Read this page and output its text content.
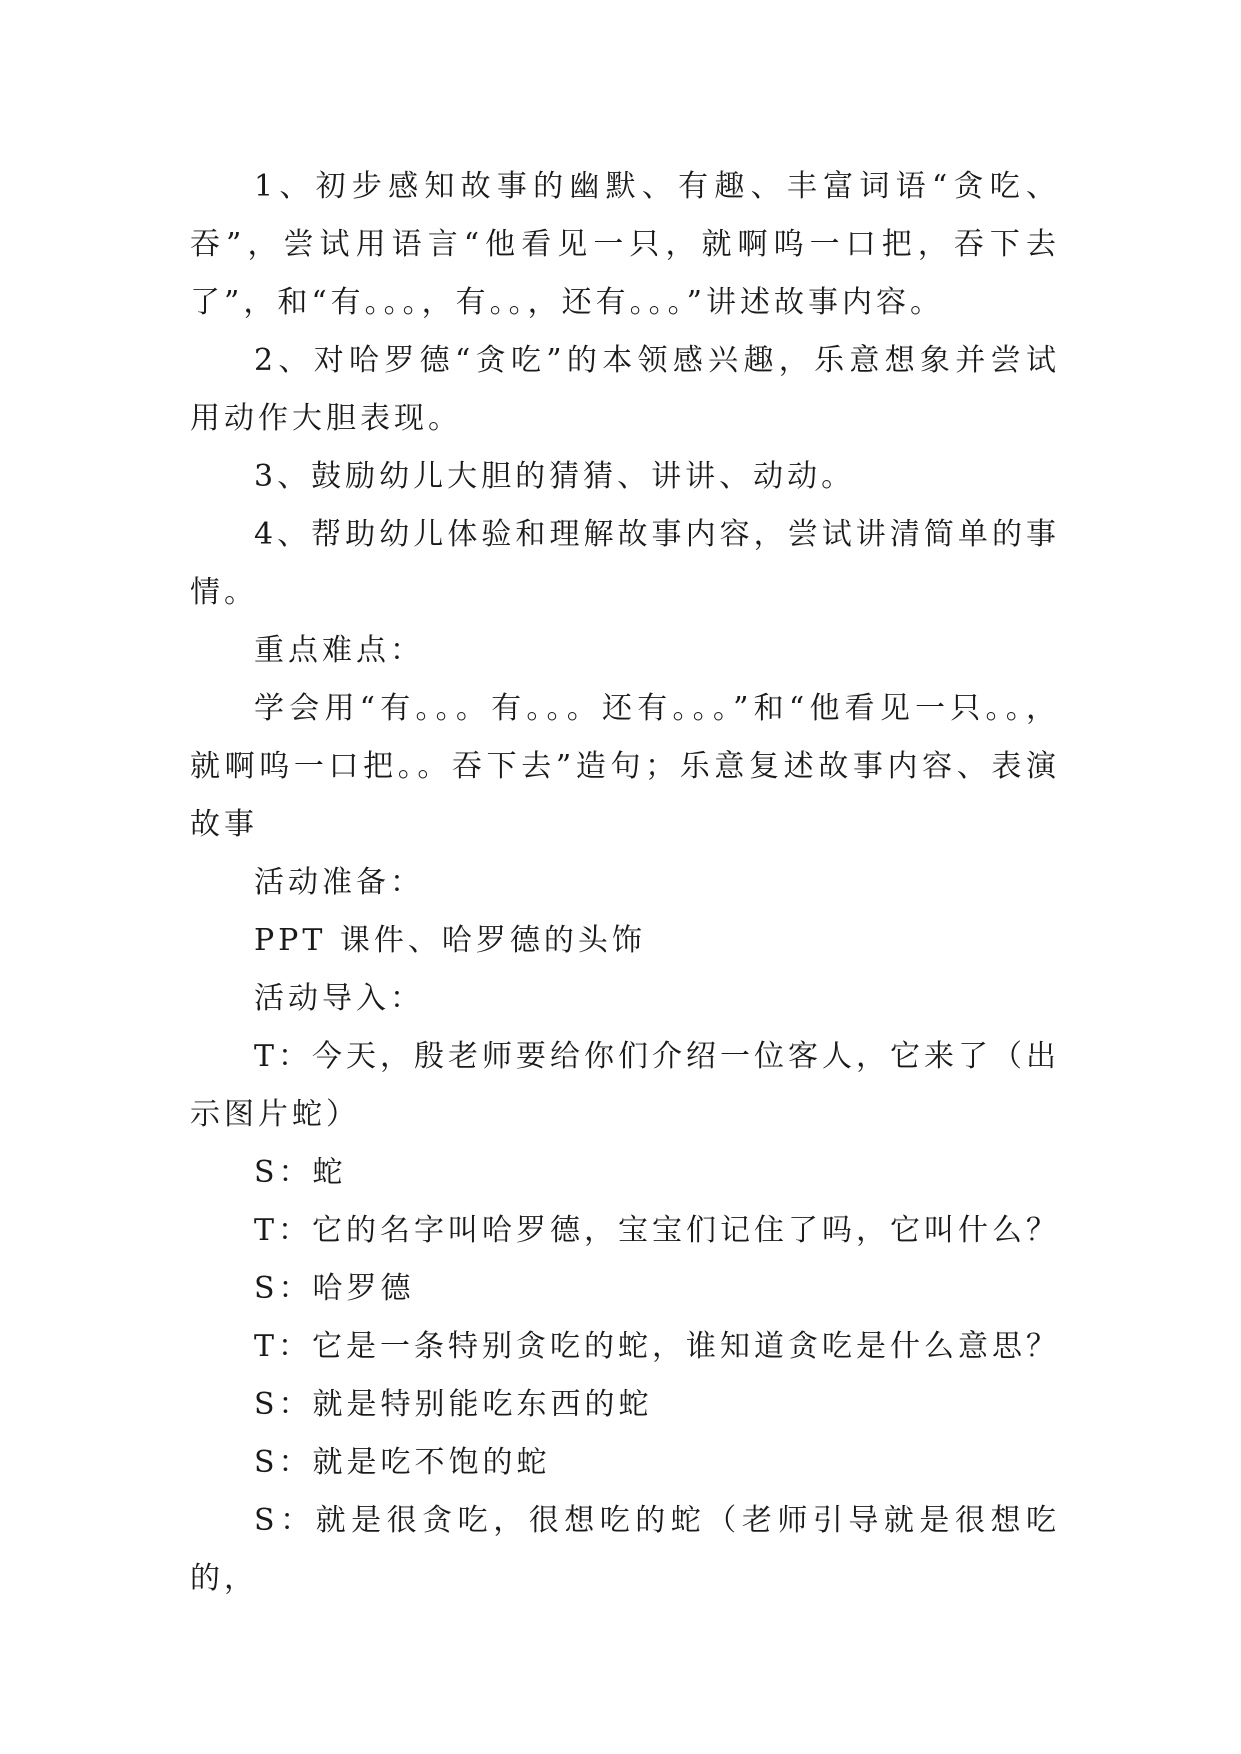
1、初步感知故事的幽默、有趣、丰富词语“贪吃、吞”，尝试用语言“他看见一只，就啊呜一口把，吞下去了”，和“有。。。，有。。，还有。。。”讲述故事内容。

2、对哈罗德“贪吃”的本领感兴趣，乐意想象并尝试用动作大胆表现。

3、鼓励幼儿大胆的猜猜、讲讲、动动。

4、帮助幼儿体验和理解故事内容，尝试讲清简单的事情。

重点难点：

学会用“有。。。有。。。还有。。。”和“他看见一只。。，就啊呜一口把。。吞下去”造句；乐意复述故事内容、表演故事

活动准备：

PPT 课件、哈罗德的头饰

活动导入：

T：今天，殷老师要给你们介绍一位客人，它来了（出示图片蛇）

S：蛇

T：它的名字叫哈罗德，宝宝们记住了吗，它叫什么？

S：哈罗德

T：它是一条特别贪吃的蛇，谁知道贪吃是什么意思？

S：就是特别能吃东西的蛇

S：就是吃不饱的蛇

S：就是很贪吃，很想吃的蛇（老师引导就是很想吃的，
